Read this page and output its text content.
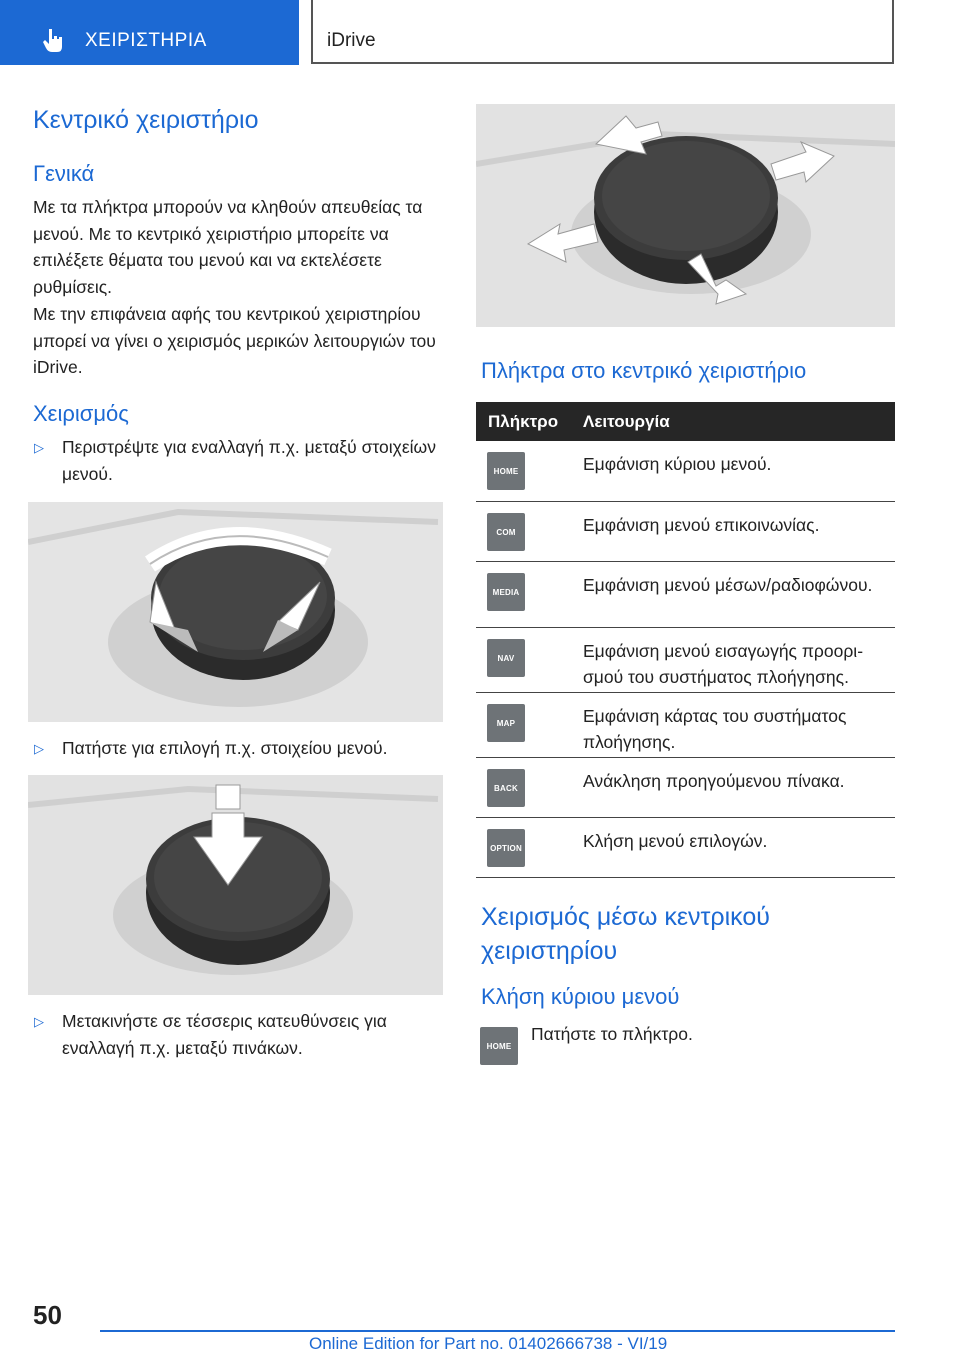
ΧΕΙΡΙΣΤΗΡΙΑ	iDrive
Κεντρικό χειριστήριο
Γενικά
Με τα πλήκτρα μπορούν να κληθούν απευθείας τα μενού. Με το κεντρικό χειριστήριο μπορείτε να επιλέξετε θέματα του μενού και να εκτελέσετε ρυθμίσεις.
Με την επιφάνεια αφής του κεντρικού χειριστηρίου μπορεί να γίνει ο χειρισμός μερικών λειτουργιών του iDrive.
Χειρισμός
▷ Περιστρέψτε για εναλλαγή π.χ. μεταξύ στοιχείων μενού.
▷ Πατήστε για επιλογή π.χ. στοιχείου μενού.
▷ Μετακινήστε σε τέσσερις κατευθύνσεις για εναλλαγή π.χ. μεταξύ πινάκων.
Πλήκτρα στο κεντρικό χειριστήριο
Πλήκτρο Λειτουργία
HOME	Εμφάνιση κύριου μενού.
COM	Εμφάνιση μενού επικοινωνίας.
MEDIA	Εμφάνιση μενού μέσων/ραδιοφώνου.
NAV	Εμφάνιση μενού εισαγωγής προορισμού του συστήματος πλοήγησης.
MAP	Εμφάνιση κάρτας του συστήματος πλοήγησης.
BACK	Ανάκληση προηγούμενου πίνακα.
OPTION	Κλήση μενού επιλογών.
Χειρισμός μέσω κεντρικού χειριστηρίου
Κλήση κύριου μενού
HOME
Πατήστε το πλήκτρο.
50
Online Edition for Part no. 01402666738 - VI/19
